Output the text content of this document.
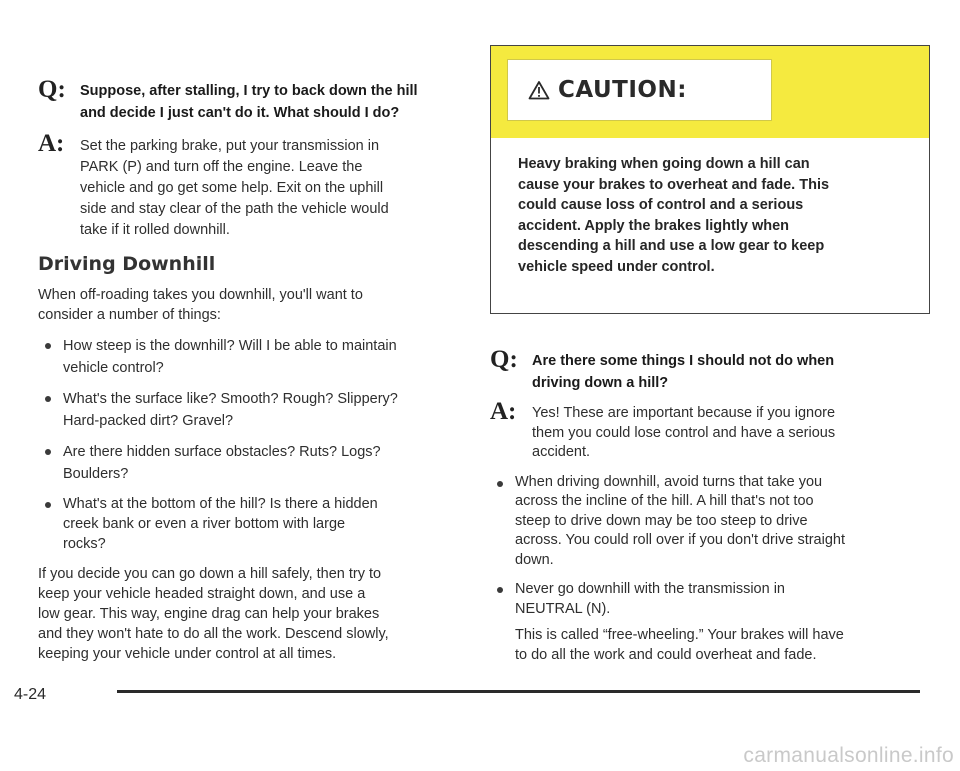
Q: Suppose, after stalling, I try to back down the hill
and decide I just can't do it. What should I do?
A: Set the parking brake, put your transmission in
PARK (P) and turn off the engine. Leave the
vehicle and go get some help. Exit on the uphill
side and stay clear of the path the vehicle would
take if it rolled downhill.
Driving Downhill

When off-roading takes you downhill, you'll want to

consider a number of things:

How steep is the downhill? Will I be able to maintain
vehicle control?
What's the surface like? Smooth? Rough? Slippery?
Hard-packed dirt? Gravel?
Are there hidden surface obstacles? Ruts? Logs?
Boulders?
What's at the bottom of the hill? Is there a hidden
creek bank or even a river bottom with large
rocks?

If you decide you can go down a hill safely, then try to

keep your vehicle headed straight down, and use a

low gear. This way, engine drag can help your brakes

and they won't hate to do all the work. Descend slowly,

keeping your vehicle under control at all times.

CAUTION:
Heavy braking when going down a hill can
cause your brakes to overheat and fade. This
could cause loss of control and a serious
accident. Apply the brakes lightly when
descending a hill and use a low gear to keep
vehicle speed under control.
Q: Are there some things I should not do when
driving down a hill?
A: Yes! These are important because if you ignore
them you could lose control and have a serious
accident.
When driving downhill, avoid turns that take you
across the incline of the hill. A hill that's not too
steep to drive down may be too steep to drive
across. You could roll over if you don't drive straight
down.
Never go downhill with the transmission in
NEUTRAL (N).
This is called “free-wheeling.” Your brakes will have
to do all the work and could overheat and fade.
4-24
carmanualsonline.info
